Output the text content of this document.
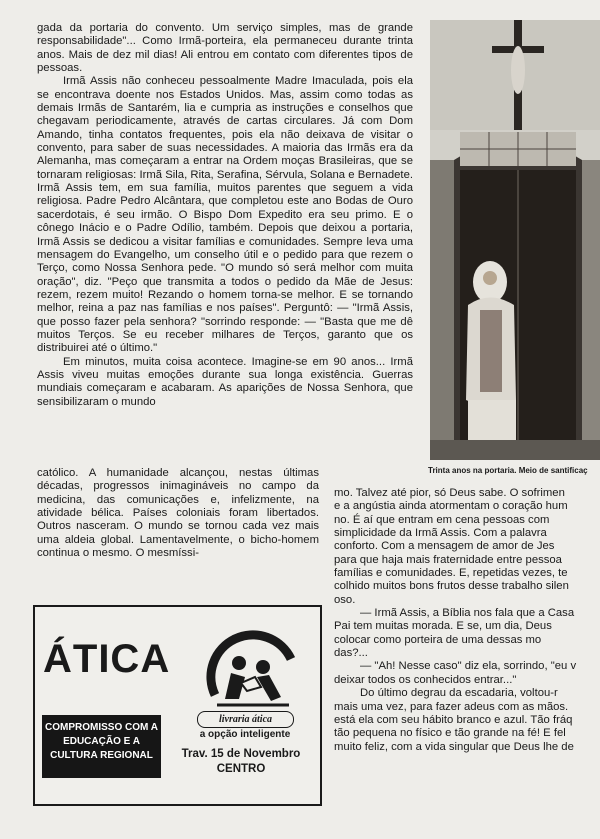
gada da portaria do convento. Um serviço simples, mas de grande responsabilidade"... Como Irmã-porteira, ela permaneceu durante trinta anos. Mais de dez mil dias! Ali entrou em contato com diferentes tipos de pessoas.

Irmã Assis não conheceu pessoalmente Madre Imaculada, pois ela se encontrava doente nos Estados Unidos. Mas, assim como todas as demais Irmãs de Santarém, lia e cumpria as instruções e conselhos que chegavam periodicamente, através de cartas circulares. Já com Dom Amando, tinha contatos frequentes, pois ela não deixava de visitar o convento, para saber de suas necessidades. A maioria das Irmãs era da Alemanha, mas começaram a entrar na Ordem moças Brasileiras, que se tornaram religiosas: Irmã Sila, Rita, Serafina, Sérvula, Solana e Bernadete. Irmã Assis tem, em sua família, muitos parentes que seguem a vida religiosa. Padre Pedro Alcântara, que completou este ano Bodas de Ouro sacerdotais, é seu irmão. O Bispo Dom Expedito era seu primo. E o cônego Inácio e o Padre Odílio, também. Depois que deixou a portaria, Irmã Assis se dedicou a visitar famílias e comunidades. Sempre leva uma mensagem do Evangelho, um conselho útil e o pedido para que rezem o Terço, como Nossa Senhora pede. "O mundo só será melhor com muita oração", diz. "Peço que transmita a todos o pedido da Mãe de Jesus: rezem, rezem muito! Rezando o homem torna-se melhor. E se tornando melhor, reina a paz nas famílias e nos países". Perguntô: — "Irmã Assis, que posso fazer pela senhora? "sorrindo responde: — "Basta que me dê muitos Terços. Se eu receber milhares de Terços, garanto que os distribuirei até o último."

Em minutos, muita coisa acontece. Imagine-se em 90 anos... Irmã Assis viveu muitas emoções durante sua longa existência. Guerras mundiais começaram e acabaram. As aparições de Nossa Senhora, que sensibilizaram o mundo

católico. A humanidade alcançou, nestas últimas décadas, progressos inimagináveis no campo da medicina, das comunicações e, infelizmente, na atividade bélica. Países coloniais foram libertados. Outros nasceram. O mundo se tornou cada vez mais uma aldeia global. Lamentavelmente, o bicho-homem continua o mesmo. O mesmíssi-

Trinta anos na portaria. Meio de santificaç
mo. Talvez até pior, só Deus sabe. O sofrimen
e a angústia ainda atormentam o coração hum
no. É aí que entram em cena pessoas com
simplicidade da Irmã Assis. Com a palavra
conforto. Com a mensagem de amor de Jes
para que haja mais fraternidade entre pessoa
famílias e comunidades. E, repetidas vezes, te
colhido muitos bons frutos desse trabalho silen
oso.
— Irmã Assis, a Bíblia nos fala que a Casa
Pai tem muitas morada. E se, um dia, Deus
colocar como porteira de uma dessas mo
das?...
— "Ah! Nesse caso" diz ela, sorrindo, "eu v
deixar todos os conhecidos entrar..."
Do último degrau da escadaria, voltou-r
mais uma vez, para fazer adeus com as mãos.
está ela com seu hábito branco e azul. Tão fráq
tão pequena no físico e tão grande na fé! E fel
muito feliz, com a vida singular que Deus lhe de
ÁTICA
COMPROMISSO COM A
EDUCAÇÃO E A
CULTURA REGIONAL
livraria ática
a opção inteligente
Trav. 15 de Novembro
CENTRO
